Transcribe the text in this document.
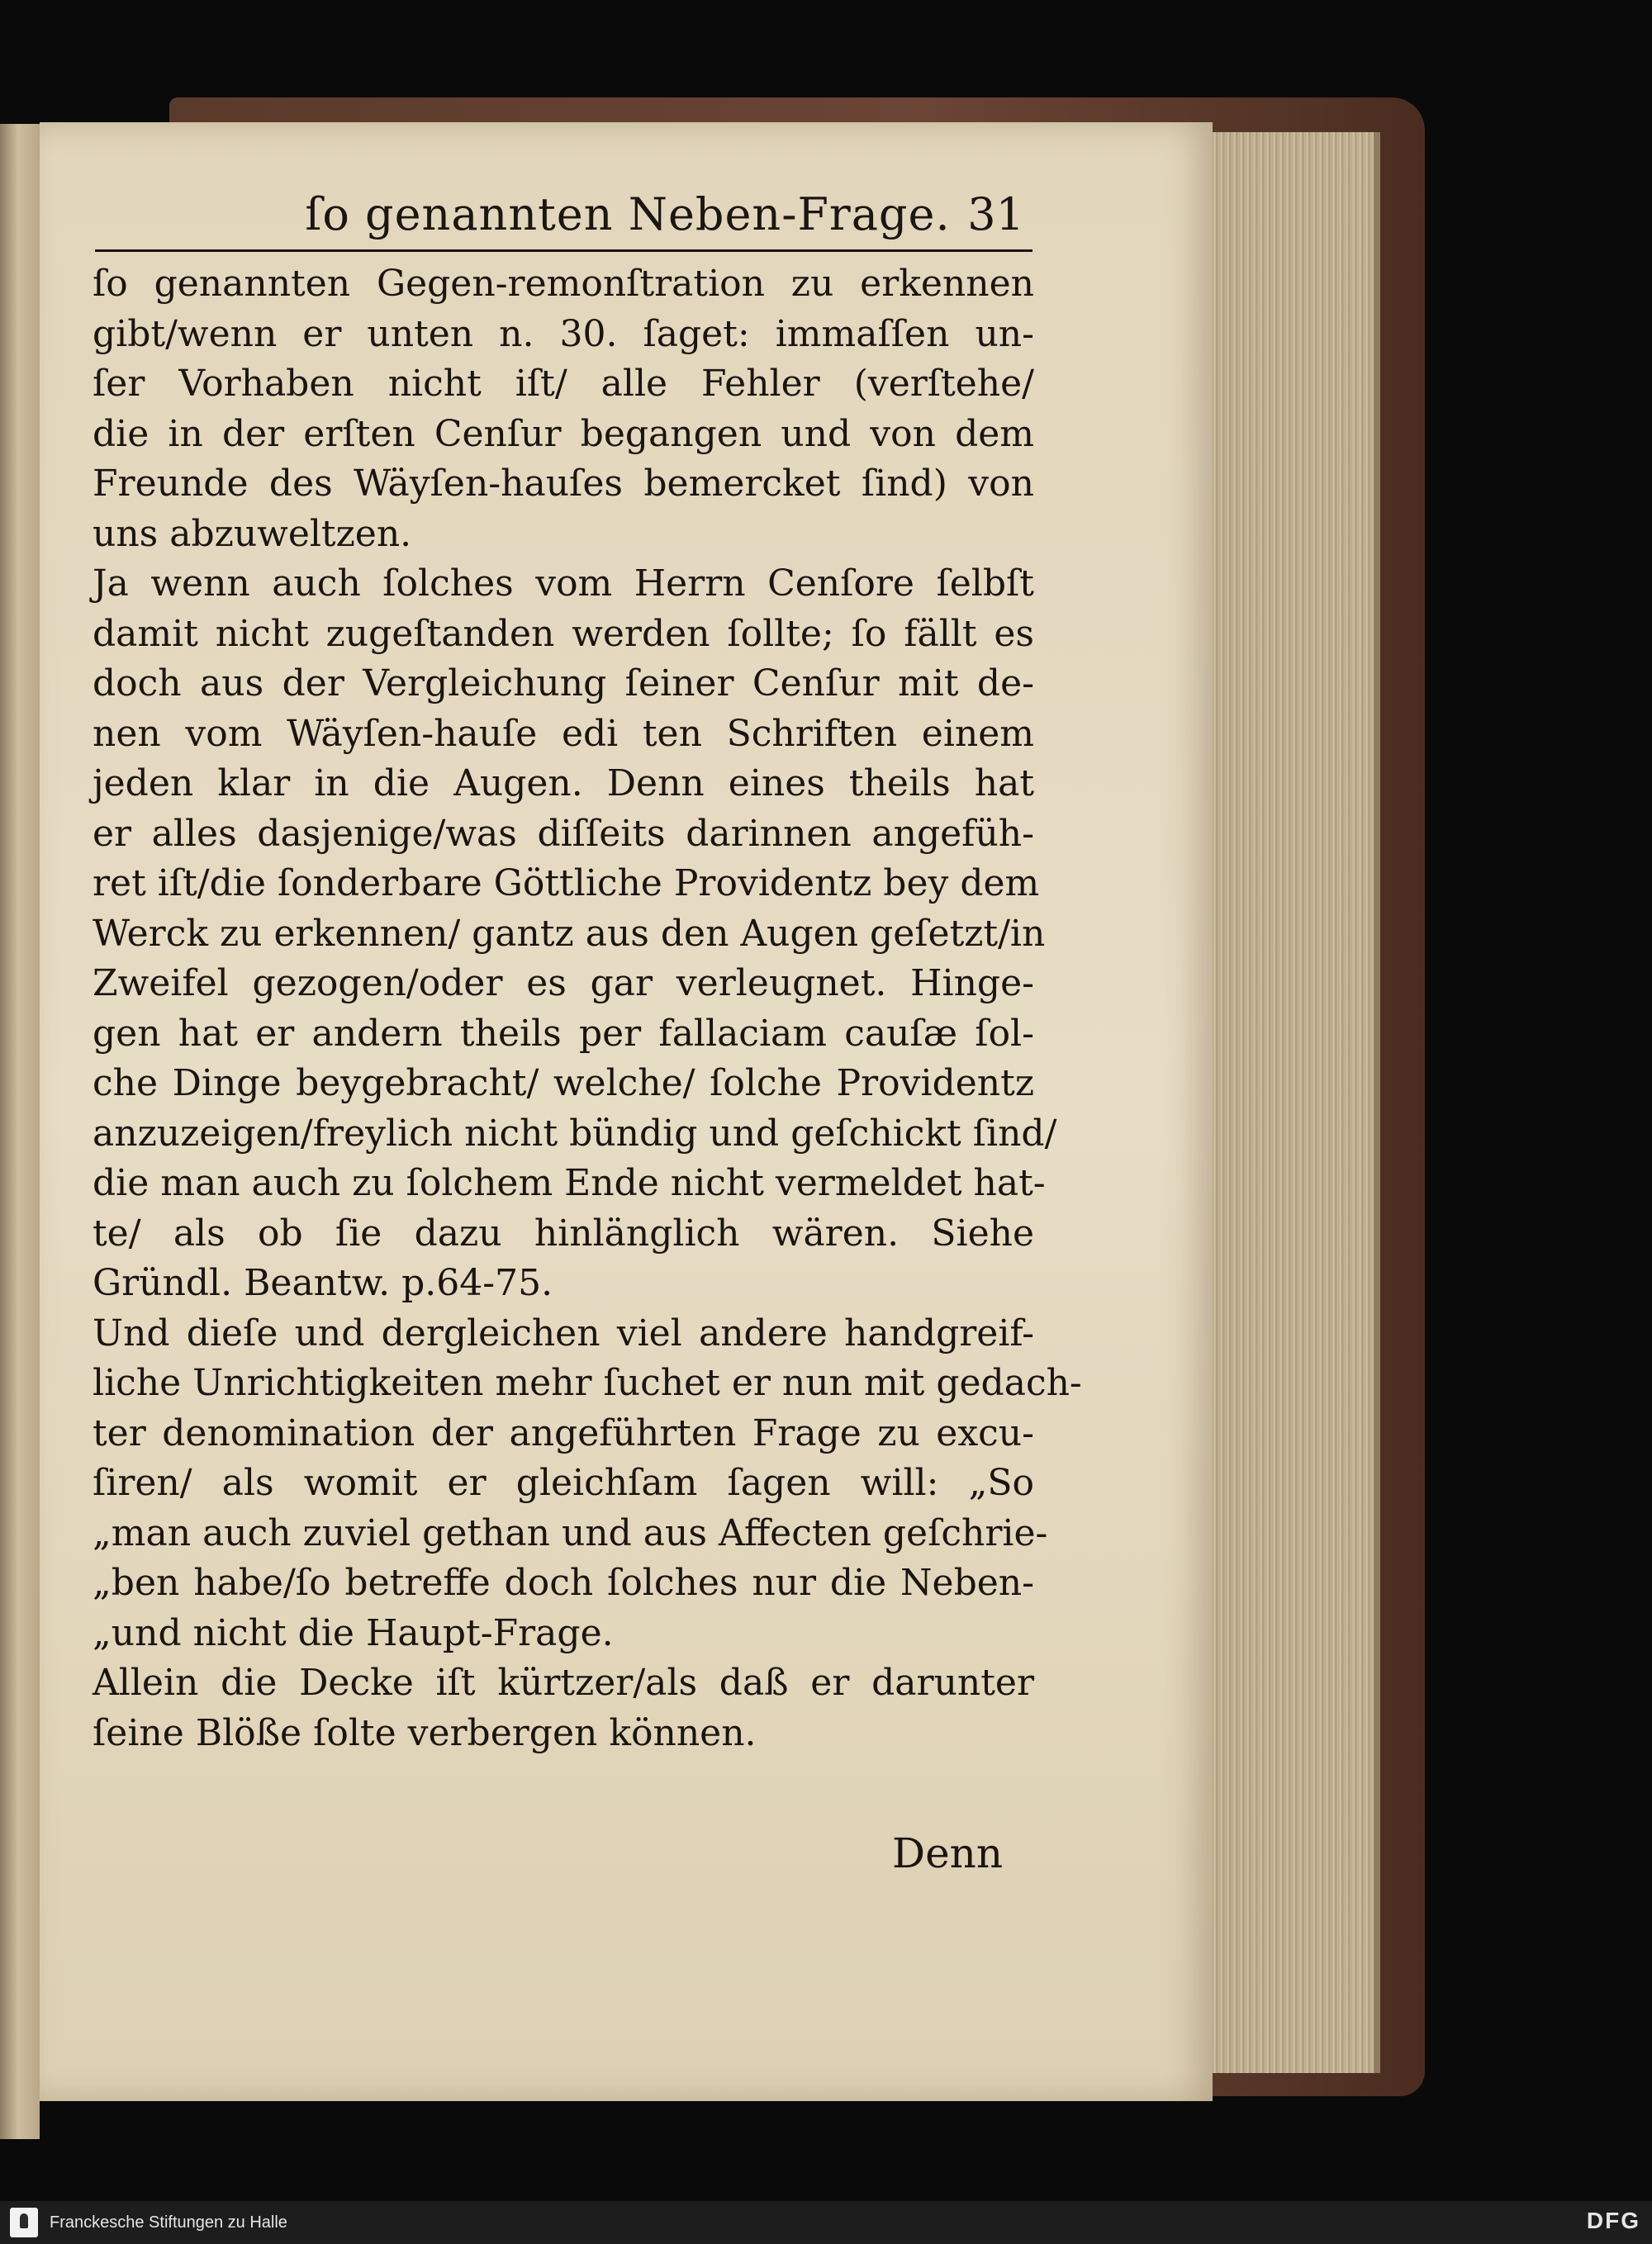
ſo genannten Neben-Frage. 31
ſo genannten Gegen-remonſtration zu erkennen
gibt/wenn er unten n. 30. ſaget: immaſſen un-
ſer Vorhaben nicht iſt/ alle Fehler (verſtehe/
die in der erſten Cenſur begangen und von dem
Freunde des Wäyſen-hauſes bemercket ſind) von
uns abzuweltzen.
Ja wenn auch ſolches vom Herrn Cenſore ſelbſt
damit nicht zugeſtanden werden ſollte; ſo fällt es
doch aus der Vergleichung ſeiner Cenſur mit de-
nen vom Wäyſen-hauſe edi ten Schriften einem
jeden klar in die Augen. Denn eines theils hat
er alles dasjenige/was diſſeits darinnen angefüh-
ret iſt/die ſonderbare Göttliche Providentz bey dem
Werck zu erkennen/ gantz aus den Augen geſetzt/in
Zweifel gezogen/oder es gar verleugnet. Hinge-
gen hat er andern theils per fallaciam cauſæ ſol-
che Dinge beygebracht/ welche/ ſolche Providentz
anzuzeigen/freylich nicht bündig und geſchickt ſind/
die man auch zu ſolchem Ende nicht vermeldet hat-
te/ als ob ſie dazu hinlänglich wären. Siehe
Gründl. Beantw. p.64-75.
Und dieſe und dergleichen viel andere handgreif-
liche Unrichtigkeiten mehr ſuchet er nun mit gedach-
ter denomination der angeführten Frage zu excu-
ſiren/ als womit er gleichſam ſagen will: „So
„man auch zuviel gethan und aus Affecten geſchrie-
„ben habe/ſo betreffe doch ſolches nur die Neben-
„und nicht die Haupt-Frage.
Allein die Decke iſt kürtzer/als daß er darunter
ſeine Blöße ſolte verbergen können.
Denn
Franckesche Stiftungen zu Halle	DFG
